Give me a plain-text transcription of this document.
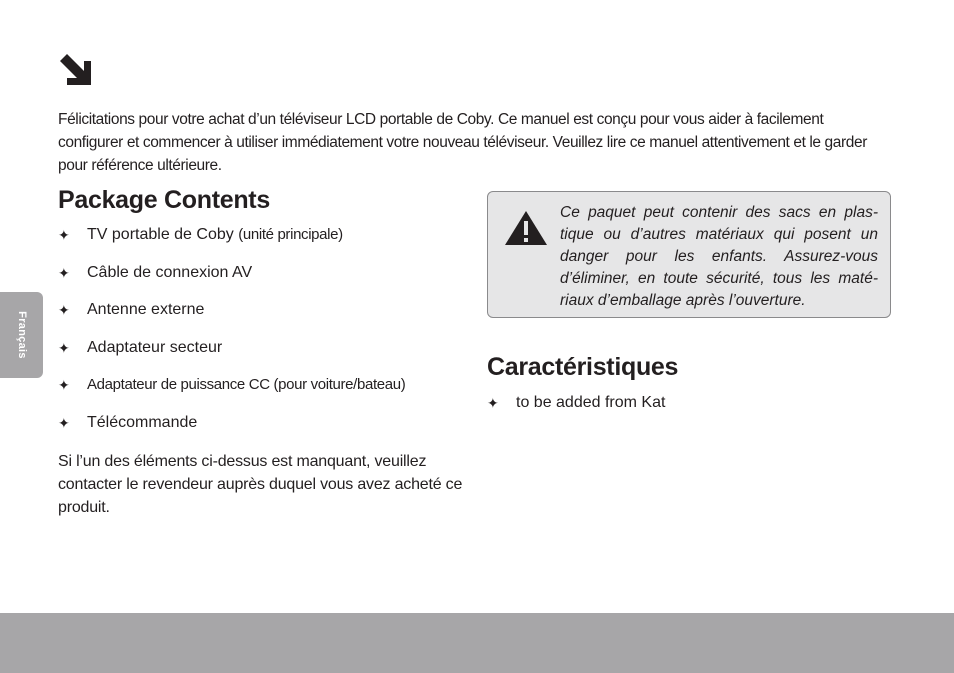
Félicitations pour votre achat d’un téléviseur LCD portable de Coby. Ce manuel est conçu pour vous aider à facilement configurer et commencer à utiliser immédiatement votre nouveau téléviseur. Veuillez lire ce manuel attentivement et le garder pour référence ultérieure.

Package Contents
✦	TV portable de Coby (unité principale)
✦	Câble de connexion AV
✦	Antenne externe
✦	Adaptateur secteur
✦	Adaptateur de puissance CC (pour voiture/bateau)
✦	Télécommande

Si l’un des éléments ci-dessus est manquant, veuillez contacter le revendeur auprès duquel vous avez acheté ce produit.

Ce paquet peut contenir des sacs en plastique ou d’autres matériaux qui posent un danger pour les enfants. Assurez-vous d’éliminer, en toute sécurité, tous les matériaux d’emballage après l’ouverture.

Caractéristiques
✦	to be added from Kat
Français
